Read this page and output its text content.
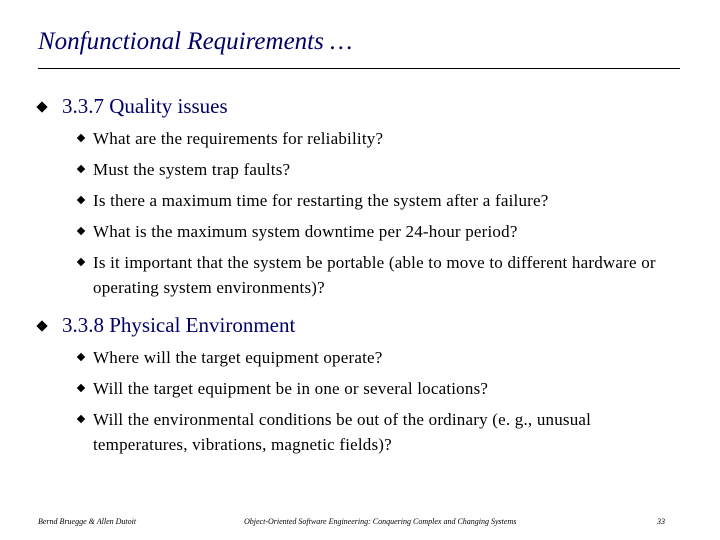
Nonfunctional Requirements …
3.3.7 Quality issues
What are the requirements for reliability?
Must the system trap faults?
Is there a maximum time for restarting the system after a failure?
What is the maximum system downtime per 24-hour period?
Is it important that the system be portable (able to move to different hardware or operating system environments)?
3.3.8 Physical Environment
Where will the target equipment operate?
Will the target equipment be in one or several locations?
Will the environmental conditions be out of the ordinary (e. g., unusual temperatures, vibrations, magnetic fields)?
Bernd Bruegge & Allen Dutoit	Object-Oriented Software Engineering: Conquering Complex and Changing Systems	33
